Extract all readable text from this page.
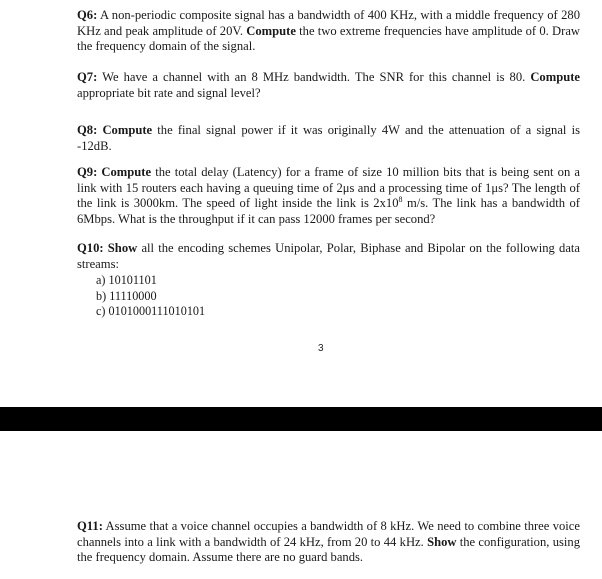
Q6: A non-periodic composite signal has a bandwidth of 400 KHz, with a middle frequency of 280 KHz and peak amplitude of 20V. Compute the two extreme frequencies have amplitude of 0. Draw the frequency domain of the signal.

Q7: We have a channel with an 8 MHz bandwidth. The SNR for this channel is 80. Compute appropriate bit rate and signal level?

Q8: Compute the final signal power if it was originally 4W and the attenuation of a signal is -12dB.

Q9: Compute the total delay (Latency) for a frame of size 10 million bits that is being sent on a link with 15 routers each having a queuing time of 2μs and a processing time of 1μs? The length of the link is 3000km. The speed of light inside the link is $2x10^8$ m/s. The link has a bandwidth of 6Mbps. What is the throughput if it can pass 12000 frames per second?

Q10: Show all the encoding schemes Unipolar, Polar, Biphase and Bipolar on the following data streams:

a) 10101101
b) 11110000
c) 0101000111010101
3

Q11: Assume that a voice channel occupies a bandwidth of 8 kHz. We need to combine three voice channels into a link with a bandwidth of 24 kHz, from 20 to 44 kHz. Show the configuration, using the frequency domain. Assume there are no guard bands.
